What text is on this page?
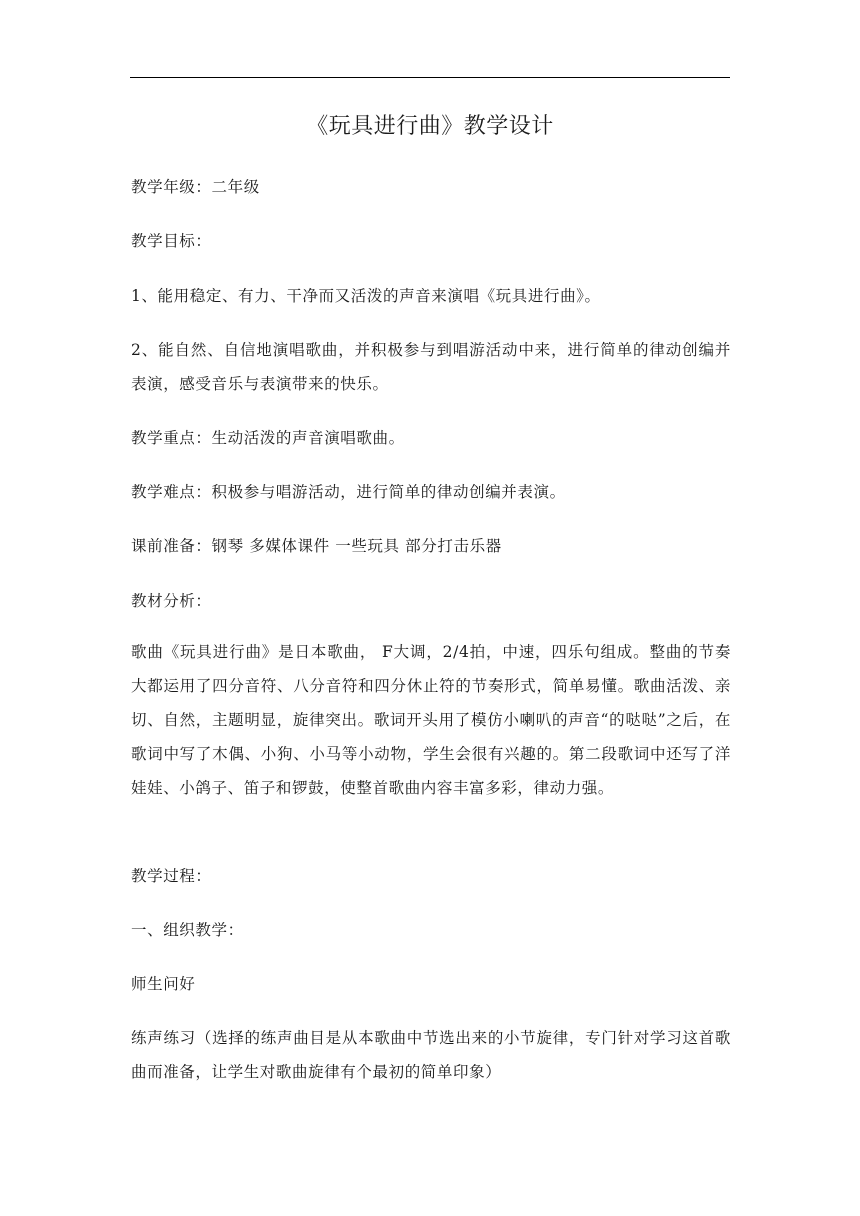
《玩具进行曲》教学设计

教学年级：二年级

教学目标：

1、能用稳定、有力、干净而又活泼的声音来演唱《玩具进行曲》。

2、能自然、自信地演唱歌曲，并积极参与到唱游活动中来，进行简单的律动创编并表演，感受音乐与表演带来的快乐。

教学重点：生动活泼的声音演唱歌曲。

教学难点：积极参与唱游活动，进行简单的律动创编并表演。

课前准备：钢琴 多媒体课件 一些玩具 部分打击乐器

教材分析：

歌曲《玩具进行曲》是日本歌曲， F大调，2/4拍，中速，四乐句组成。整曲的节奏大都运用了四分音符、八分音符和四分休止符的节奏形式，简单易懂。歌曲活泼、亲切、自然，主题明显，旋律突出。歌词开头用了模仿小喇叭的声音“的哒哒”之后，在歌词中写了木偶、小狗、小马等小动物，学生会很有兴趣的。第二段歌词中还写了洋娃娃、小鸽子、笛子和锣鼓，使整首歌曲内容丰富多彩，律动力强。

教学过程：

一、组织教学：

师生问好

练声练习（选择的练声曲目是从本歌曲中节选出来的小节旋律，专门针对学习这首歌曲而准备，让学生对歌曲旋律有个最初的简单印象）
